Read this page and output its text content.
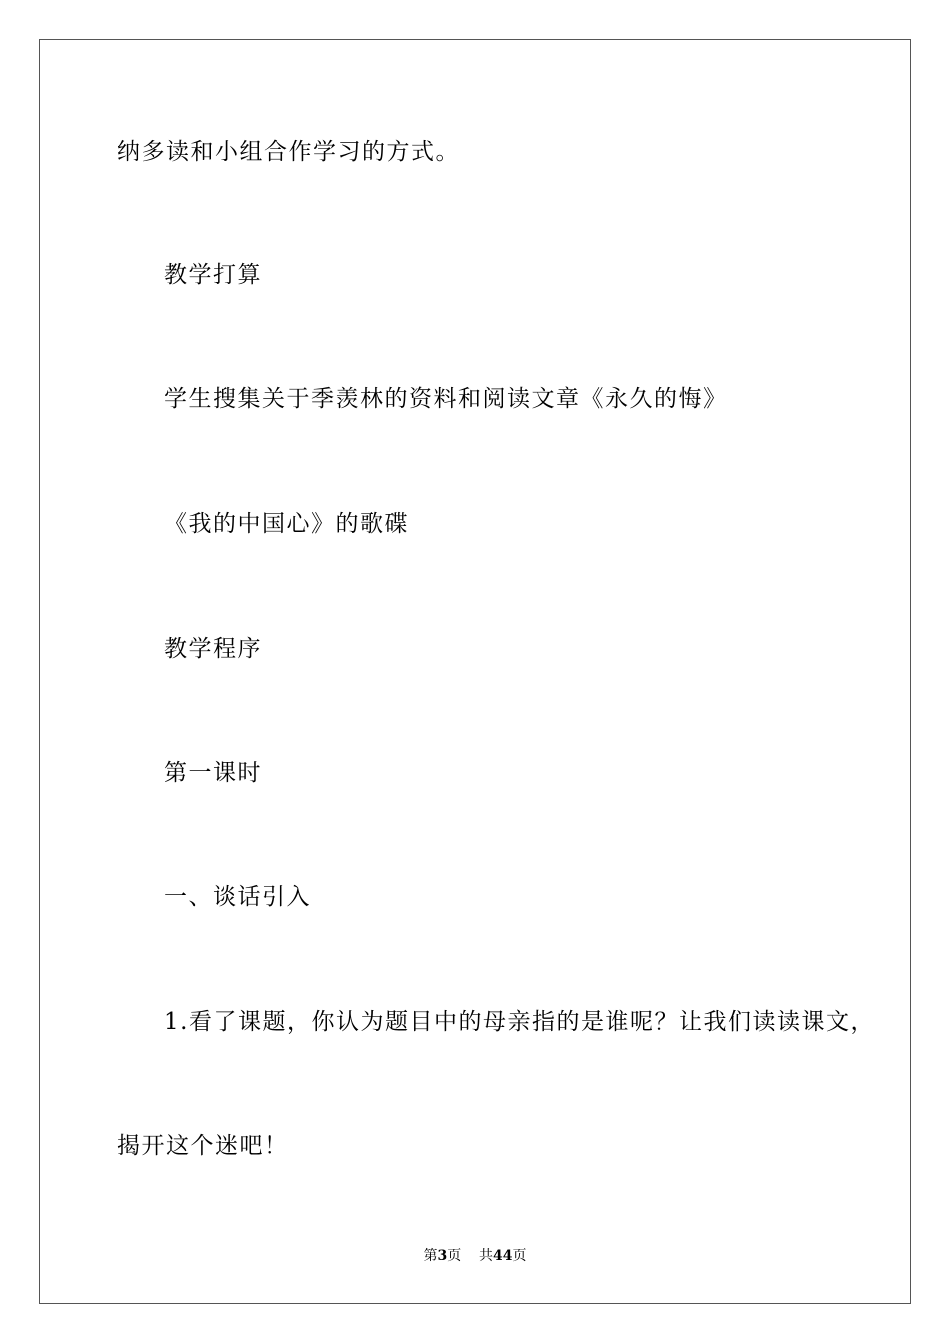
纳多读和小组合作学习的方式。
教学打算
学生搜集关于季羡林的资料和阅读文章《永久的悔》
《我的中国心》的歌碟
教学程序
第一课时
一、谈话引入
1.看了课题，你认为题目中的母亲指的是谁呢？让我们读读课文，
揭开这个迷吧！
第3页 共44页
